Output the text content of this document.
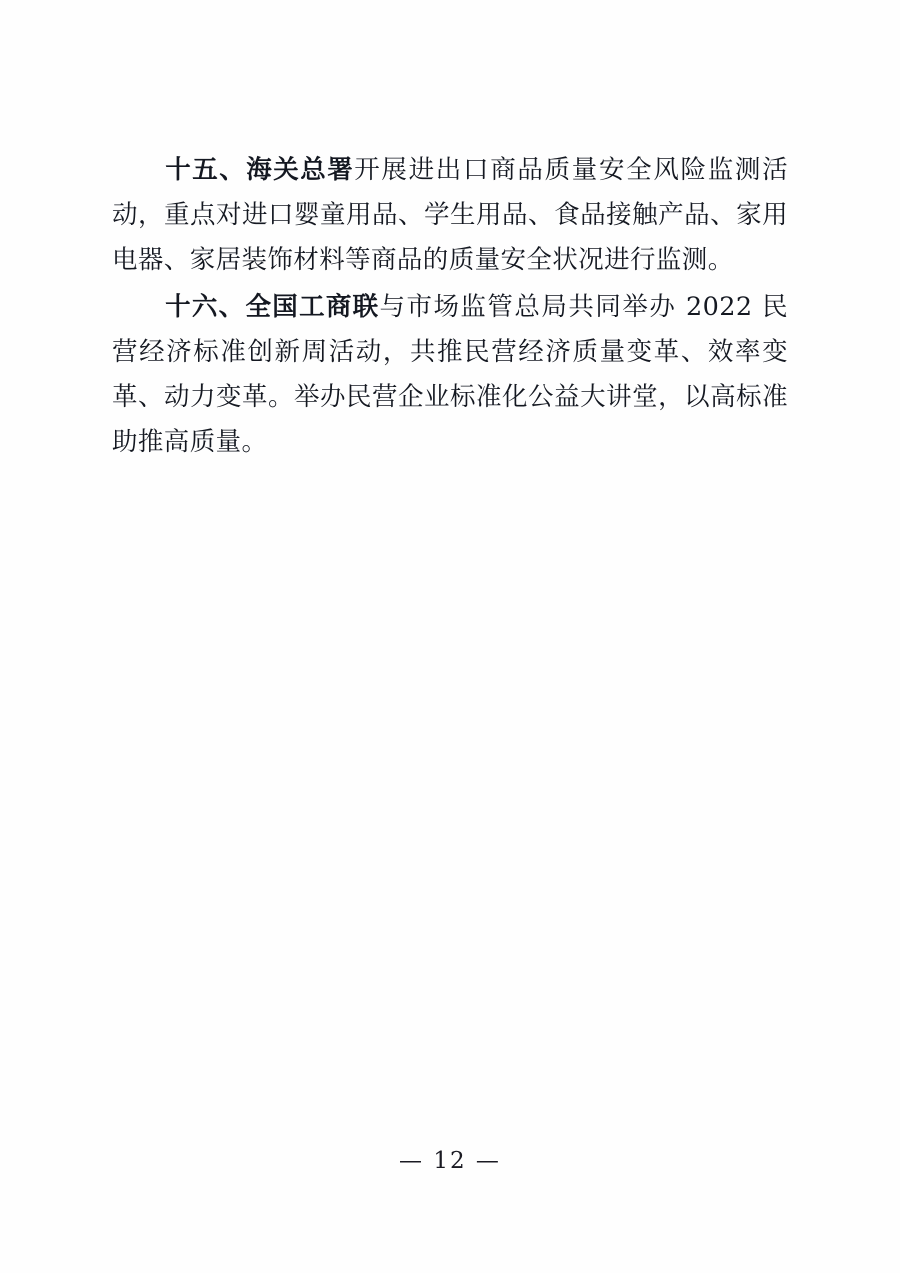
十五、海关总署开展进出口商品质量安全风险监测活动，重点对进口婴童用品、学生用品、食品接触产品、家用电器、家居装饰材料等商品的质量安全状况进行监测。

十六、全国工商联与市场监管总局共同举办 2022 民营经济标准创新周活动，共推民营经济质量变革、效率变革、动力变革。举办民营企业标准化公益大讲堂，以高标准助推高质量。

— 12 —
